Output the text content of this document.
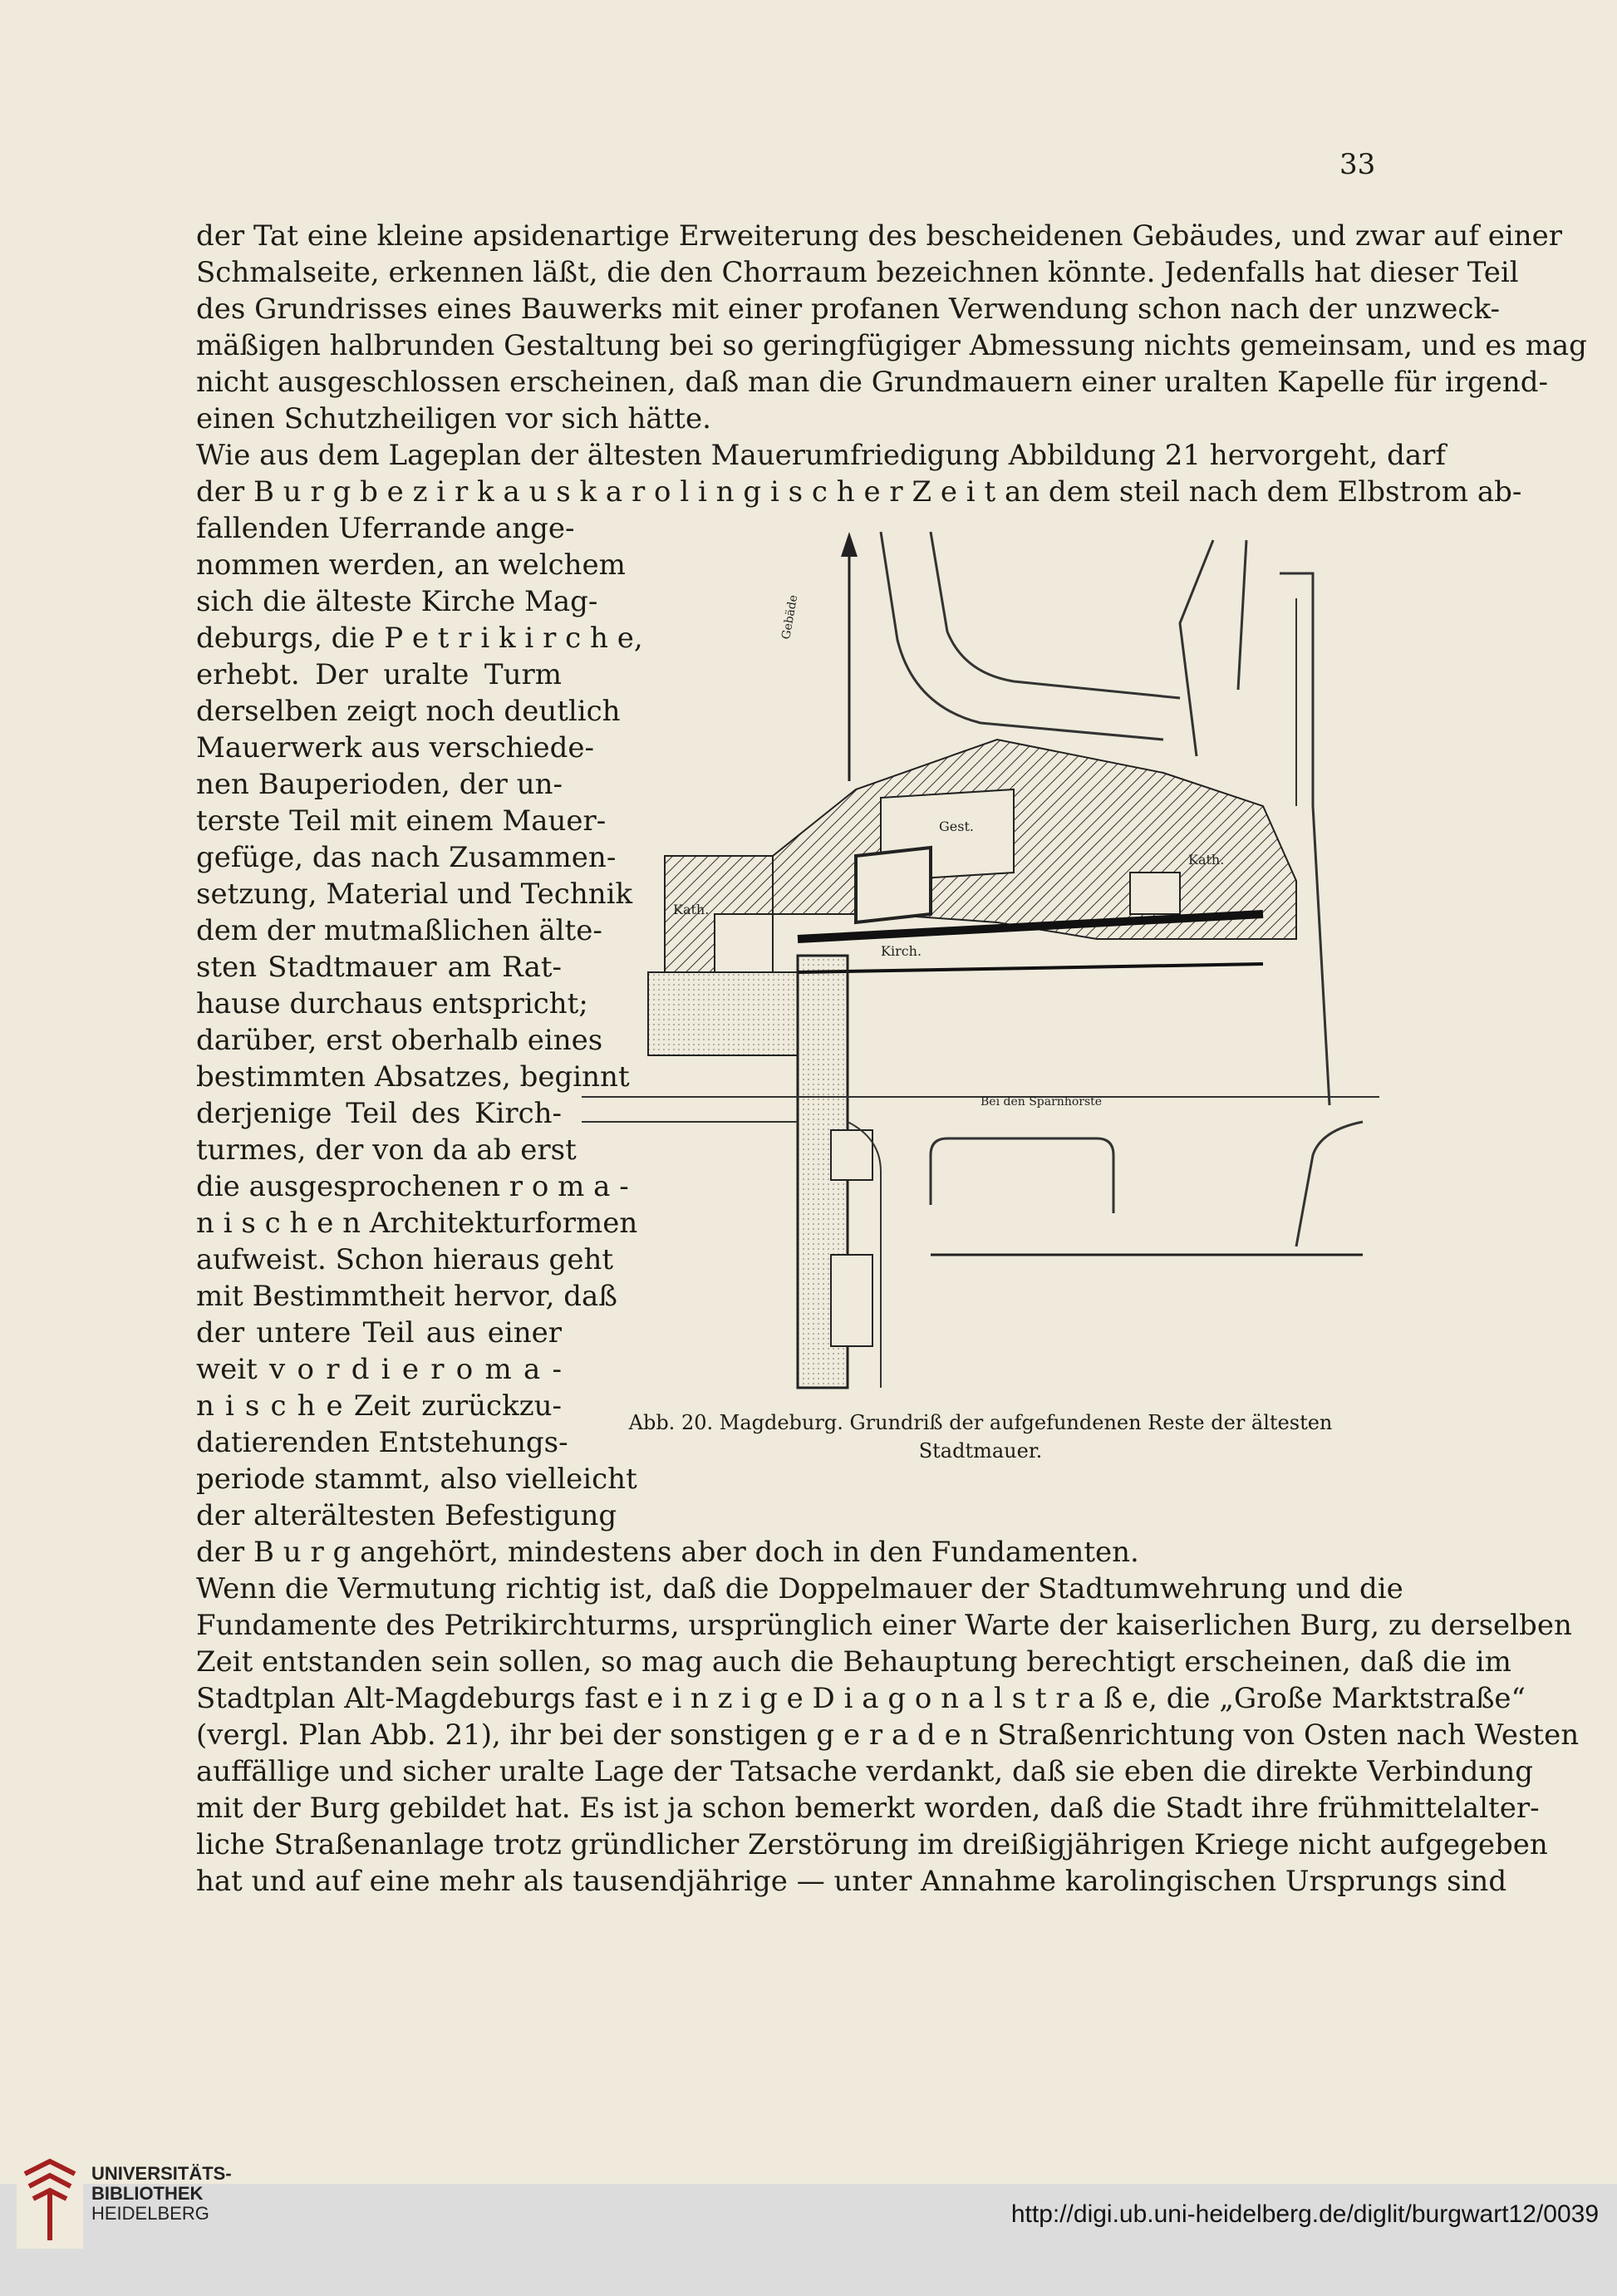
33
der Tat eine kleine apsidenartige Erweiterung des bescheidenen Gebäudes, und zwar auf einer
Schmalseite, erkennen läßt, die den Chorraum bezeichnen könnte. Jedenfalls hat dieser Teil
des Grundrisses eines Bauwerks mit einer profanen Verwendung schon nach der unzweck-
mäßigen halbrunden Gestaltung bei so geringfügiger Abmessung nichts gemeinsam, und es mag
nicht ausgeschlossen erscheinen, daß man die Grundmauern einer uralten Kapelle für irgend-
einen Schutzheiligen vor sich hätte.
Wie aus dem Lageplan der ältesten Mauerumfriedigung Abbildung 21 hervorgeht, darf
der B u r g b e z i r k a u s k a r o l i n g i s c h e r Z e i t an dem steil nach dem Elbstrom ab-
fallenden Uferrande ange-
nommen werden, an welchem
sich die älteste Kirche Mag-
deburgs, die P e t r i k i r c h e,
erhebt. Der uralte Turm
derselben zeigt noch deutlich
Mauerwerk aus verschiede-
nen Bauperioden, der un-
terste Teil mit einem Mauer-
gefüge, das nach Zusammen-
setzung, Material und Technik
dem der mutmaßlichen älte-
sten Stadtmauer am Rat-
hause durchaus entspricht;
darüber, erst oberhalb eines
bestimmten Absatzes, beginnt
derjenige Teil des Kirch-
turmes, der von da ab erst
die ausgesprochenen r o m a -
n i s c h e n Architekturformen
aufweist. Schon hieraus geht
mit Bestimmtheit hervor, daß
der untere Teil aus einer
weit v o r d i e r o m a -
n i s c h e Zeit zurückzu-
datierenden Entstehungs-
periode stammt, also vielleicht
der alterältesten Befestigung
der B u r g angehört, mindestens aber doch in den Fundamenten.
Wenn die Vermutung richtig ist, daß die Doppelmauer der Stadtumwehrung und die
Fundamente des Petrikirchturms, ursprünglich einer Warte der kaiserlichen Burg, zu derselben
Zeit entstanden sein sollen, so mag auch die Behauptung berechtigt erscheinen, daß die im
Stadtplan Alt-Magdeburgs fast e i n z i g e D i a g o n a l s t r a ß e, die „Große Marktstraße“
(vergl. Plan Abb. 21), ihr bei der sonstigen g e r a d e n Straßenrichtung von Osten nach Westen
auffällige und sicher uralte Lage der Tatsache verdankt, daß sie eben die direkte Verbindung
mit der Burg gebildet hat. Es ist ja schon bemerkt worden, daß die Stadt ihre frühmittelalter-
liche Straßenanlage trotz gründlicher Zerstörung im dreißigjährigen Kriege nicht aufgegeben
hat und auf eine mehr als tausendjährige — unter Annahme karolingischen Ursprungs sind
Gebäde
Kath.
Gest.
Kath.
Kirch.
Bei den Sparnhorste
Abb. 20. Magdeburg. Grundriß der aufgefundenen Reste der ältesten
Stadtmauer.
UNIVERSITÄTS-
BIBLIOTHEK
HEIDELBERG	http://digi.ub.uni-heidelberg.de/diglit/burgwart12/0039
